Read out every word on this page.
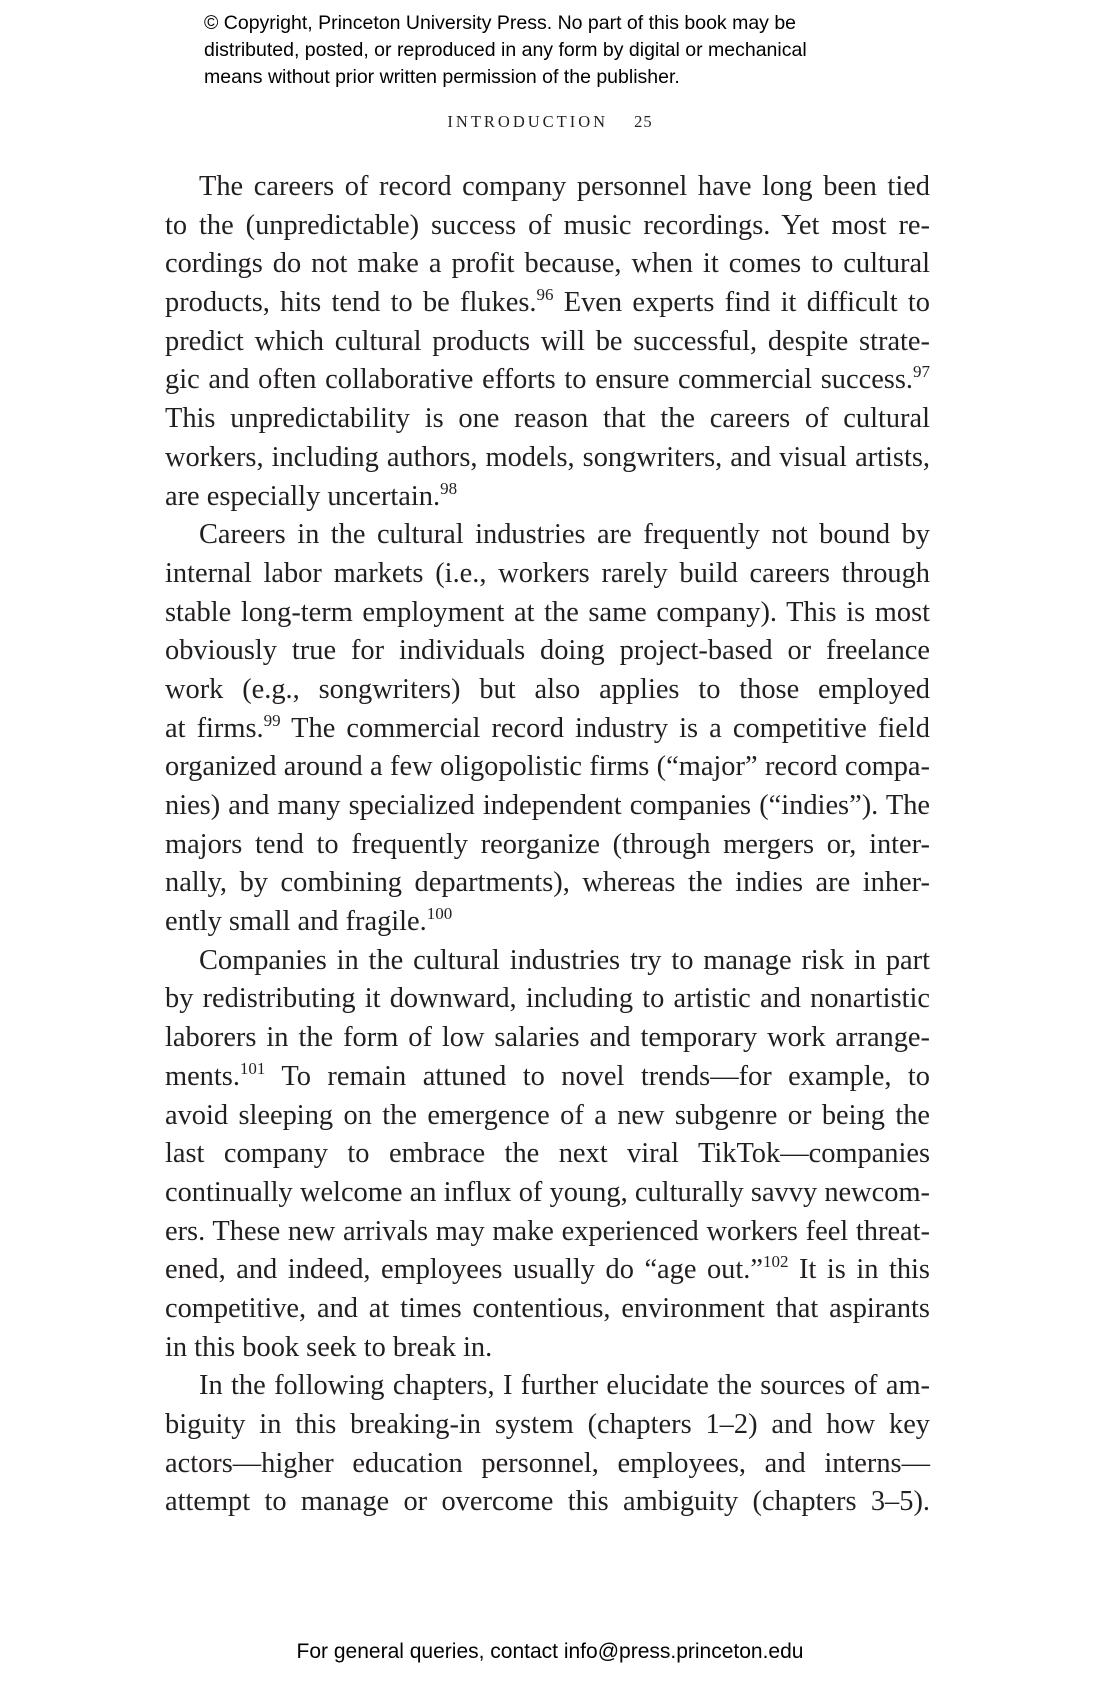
© Copyright, Princeton University Press. No part of this book may be
distributed, posted, or reproduced in any form by digital or mechanical
means without prior written permission of the publisher.
INTRODUCTION 25
The careers of record company personnel have long been tied
to the (unpredictable) success of music recordings. Yet most re-
cordings do not make a profit because, when it comes to cultural
products, hits tend to be flukes.$^{96}$ Even experts find it difficult to
predict which cultural products will be successful, despite strate-
gic and often collaborative efforts to ensure commercial success.$^{97}$
This unpredictability is one reason that the careers of cultural
workers, including authors, models, songwriters, and visual artists,
are especially uncertain.$^{98}$
Careers in the cultural industries are frequently not bound by
internal labor markets (i.e., workers rarely build careers through
stable long-term employment at the same company). This is most
obviously true for individuals doing project-based or freelance
work (e.g., songwriters) but also applies to those employed
at firms.$^{99}$ The commercial record industry is a competitive field
organized around a few oligopolistic firms (“major” record compa-
nies) and many specialized independent companies (“indies”). The
majors tend to frequently reorganize (through mergers or, inter-
nally, by combining departments), whereas the indies are inher-
ently small and fragile.$^{100}$
Companies in the cultural industries try to manage risk in part
by redistributing it downward, including to artistic and nonartistic
laborers in the form of low salaries and temporary work arrange-
ments.$^{101}$ To remain attuned to novel trends—for example, to
avoid sleeping on the emergence of a new subgenre or being the
last company to embrace the next viral TikTok—companies
continually welcome an influx of young, culturally savvy newcom-
ers. These new arrivals may make experienced workers feel threat-
ened, and indeed, employees usually do “age out.”$^{102}$ It is in this
competitive, and at times contentious, environment that aspirants
in this book seek to break in.
In the following chapters, I further elucidate the sources of am-
biguity in this breaking-in system (chapters 1–2) and how key
actors—higher education personnel, employees, and interns—
attempt to manage or overcome this ambiguity (chapters 3–5).
For general queries, contact info@press.princeton.edu
